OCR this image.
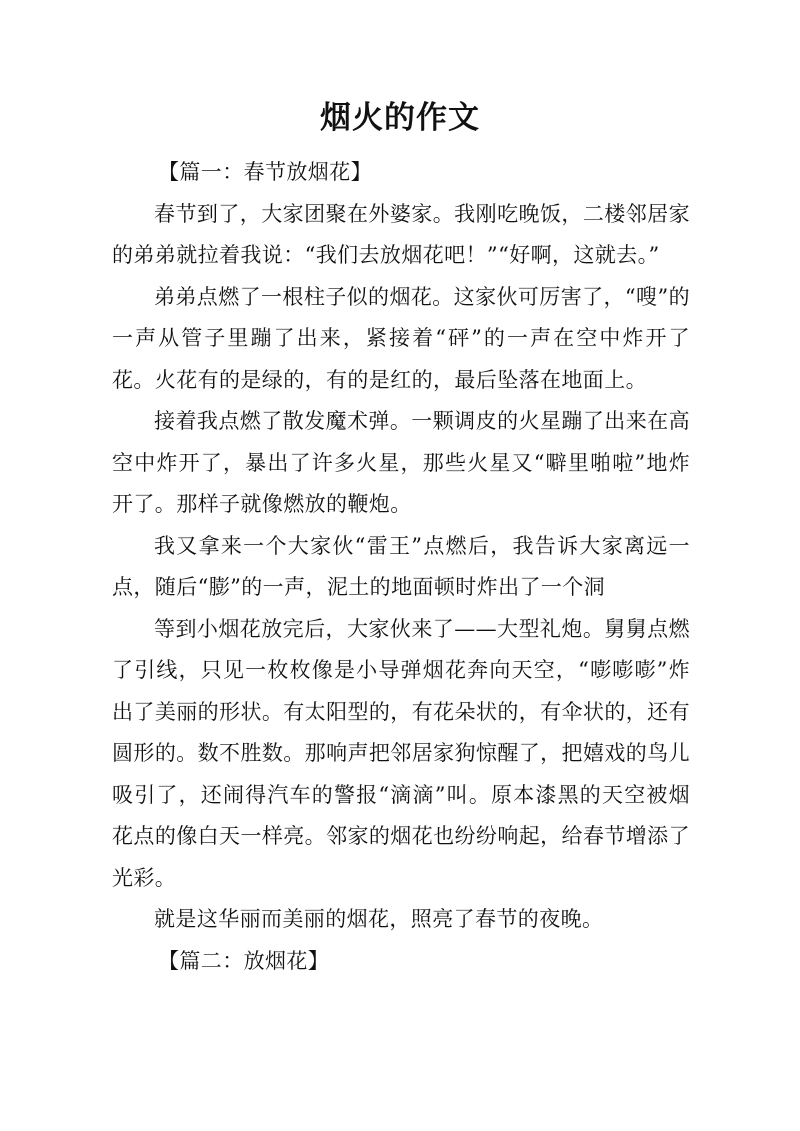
烟火的作文

【篇一：春节放烟花】

春节到了，大家团聚在外婆家。我刚吃晚饭，二楼邻居家的弟弟就拉着我说：“我们去放烟花吧！”“好啊，这就去。”

弟弟点燃了一根柱子似的烟花。这家伙可厉害了，“嗖”的一声从管子里蹦了出来，紧接着“砰”的一声在空中炸开了花。火花有的是绿的，有的是红的，最后坠落在地面上。

接着我点燃了散发魔术弹。一颗调皮的火星蹦了出来在高空中炸开了，暴出了许多火星，那些火星又“噼里啪啦”地炸开了。那样子就像燃放的鞭炮。

我又拿来一个大家伙“雷王”点燃后，我告诉大家离远一点，随后“膨”的一声，泥土的地面顿时炸出了一个洞

等到小烟花放完后，大家伙来了——大型礼炮。舅舅点燃了引线，只见一枚枚像是小导弹烟花奔向天空，“嘭嘭嘭”炸出了美丽的形状。有太阳型的，有花朵状的，有伞状的，还有圆形的。数不胜数。那响声把邻居家狗惊醒了，把嬉戏的鸟儿吸引了，还闹得汽车的警报“滴滴”叫。原本漆黑的天空被烟花点的像白天一样亮。邻家的烟花也纷纷响起，给春节增添了光彩。

就是这华丽而美丽的烟花，照亮了春节的夜晚。

【篇二：放烟花】
